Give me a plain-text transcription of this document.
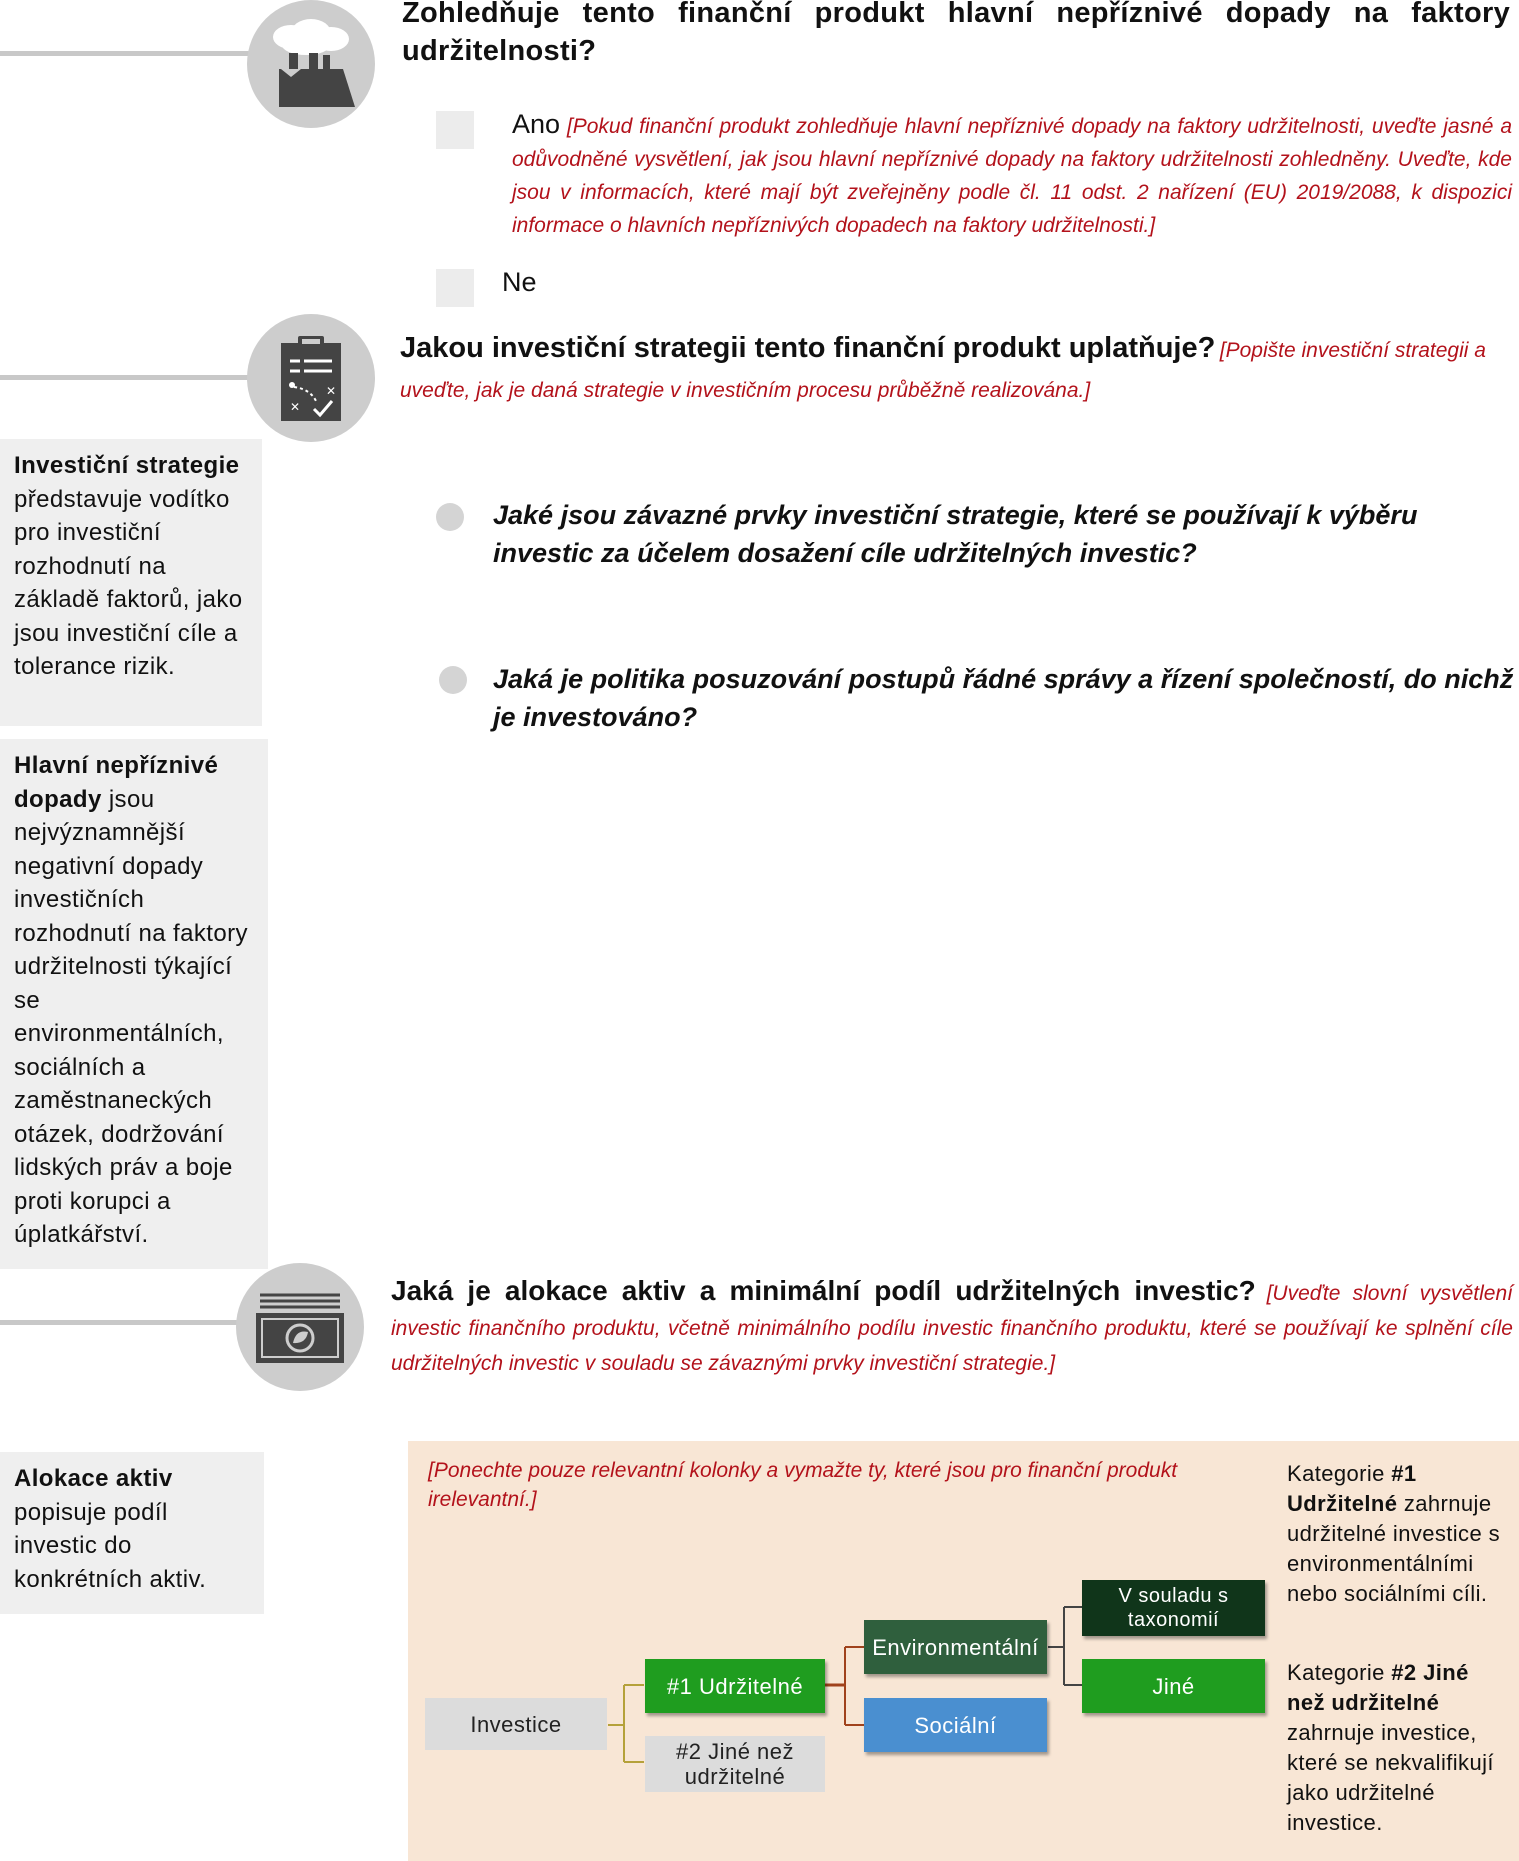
Zohledňuje tento finanční produkt hlavní nepříznivé dopady na faktory udržitelnosti?
Ano [Pokud finanční produkt zohledňuje hlavní nepříznivé dopady na faktory udržitelnosti, uveďte jasné a odůvodněné vysvětlení, jak jsou hlavní nepříznivé dopady na faktory udržitelnosti zohledněny. Uveďte, kde jsou v informacích, které mají být zveřejněny podle čl. 11 odst. 2 nařízení (EU) 2019/2088, k dispozici informace o hlavních nepříznivých dopadech na faktory udržitelnosti.]
Ne
✕
✕
Jakou investiční strategii tento finanční produkt uplatňuje? [Popište investiční strategii a uveďte, jak je daná strategie v investičním procesu průběžně realizována.]
Investiční strategie představuje vodítko pro investiční rozhodnutí na základě faktorů, jako jsou investiční cíle a tolerance rizik.
Jaké jsou závazné prvky investiční strategie, které se používají k výběru investic za účelem dosažení cíle udržitelných investic?
Jaká je politika posuzování postupů řádné správy a řízení společností, do nichž je investováno?
Hlavní nepříznivé dopady jsou nejvýznamnější negativní dopady investičních rozhodnutí na faktory udržitelnosti týkající se environmentálních, sociálních a zaměstnaneckých otázek, dodržování lidských práv a boje proti korupci a úplatkářství.
Jaká je alokace aktiv a minimální podíl udržitelných investic? [Uveďte slovní vysvětlení investic finančního produktu, včetně minimálního podílu investic finančního produktu, které se používají ke splnění cíle udržitelných investic v souladu se závaznými prvky investiční strategie.]
Alokace aktiv popisuje podíl investic do konkrétních aktiv.
[Ponechte pouze relevantní kolonky a vymažte ty, které jsou pro finanční produkt irelevantní.]
Investice
#1 Udržitelné
#2 Jiné než udržitelné
Environmentální
Sociální
V souladu s taxonomií
Jiné
Kategorie #1 Udržitelné zahrnuje udržitelné investice s environmentálními nebo sociálními cíli.
Kategorie #2 Jiné než udržitelné zahrnuje investice, které se nekvalifikují jako udržitelné investice.
